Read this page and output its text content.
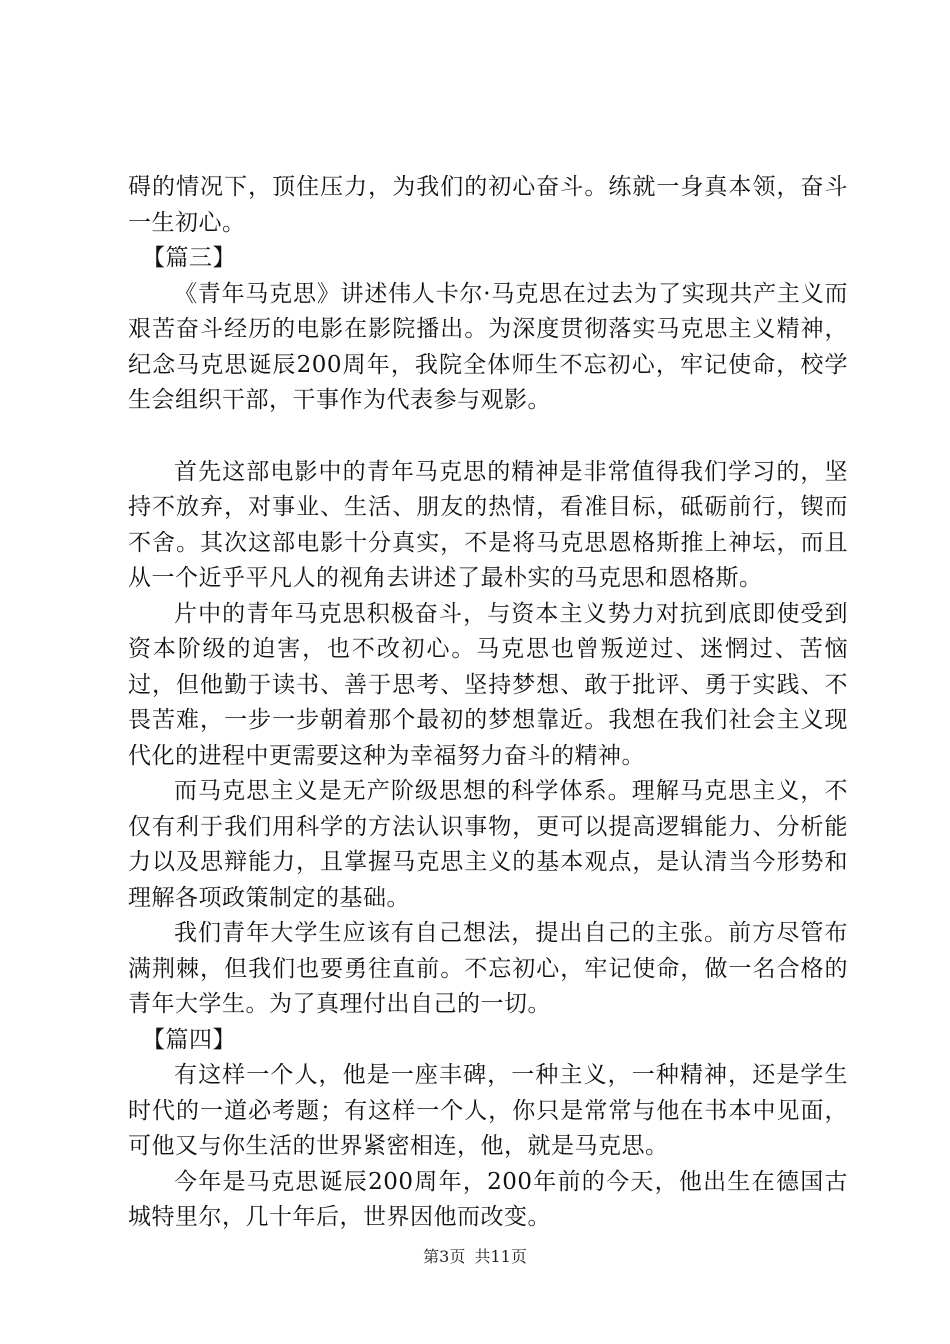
碍的情况下，顶住压力，为我们的初心奋斗。练就一身真本领，奋斗一生初心。

【篇三】

《青年马克思》讲述伟人卡尔·马克思在过去为了实现共产主义而艰苦奋斗经历的电影在影院播出。为深度贯彻落实马克思主义精神，纪念马克思诞辰200周年，我院全体师生不忘初心，牢记使命，校学生会组织干部，干事作为代表参与观影。

首先这部电影中的青年马克思的精神是非常值得我们学习的，坚持不放弃，对事业、生活、朋友的热情，看准目标，砥砺前行，锲而不舍。其次这部电影十分真实，不是将马克思恩格斯推上神坛，而且从一个近乎平凡人的视角去讲述了最朴实的马克思和恩格斯。

片中的青年马克思积极奋斗，与资本主义势力对抗到底即使受到资本阶级的迫害，也不改初心。马克思也曾叛逆过、迷惘过、苦恼过，但他勤于读书、善于思考、坚持梦想、敢于批评、勇于实践、不畏苦难，一步一步朝着那个最初的梦想靠近。我想在我们社会主义现代化的进程中更需要这种为幸福努力奋斗的精神。

而马克思主义是无产阶级思想的科学体系。理解马克思主义，不仅有利于我们用科学的方法认识事物，更可以提高逻辑能力、分析能力以及思辩能力，且掌握马克思主义的基本观点，是认清当今形势和理解各项政策制定的基础。

我们青年大学生应该有自己想法，提出自己的主张。前方尽管布满荆棘，但我们也要勇往直前。不忘初心，牢记使命，做一名合格的青年大学生。为了真理付出自己的一切。

【篇四】

有这样一个人，他是一座丰碑，一种主义，一种精神，还是学生时代的一道必考题；有这样一个人，你只是常常与他在书本中见面，可他又与你生活的世界紧密相连，他，就是马克思。

今年是马克思诞辰200周年，200年前的今天，他出生在德国古城特里尔，几十年后，世界因他而改变。

第3页 共11页
